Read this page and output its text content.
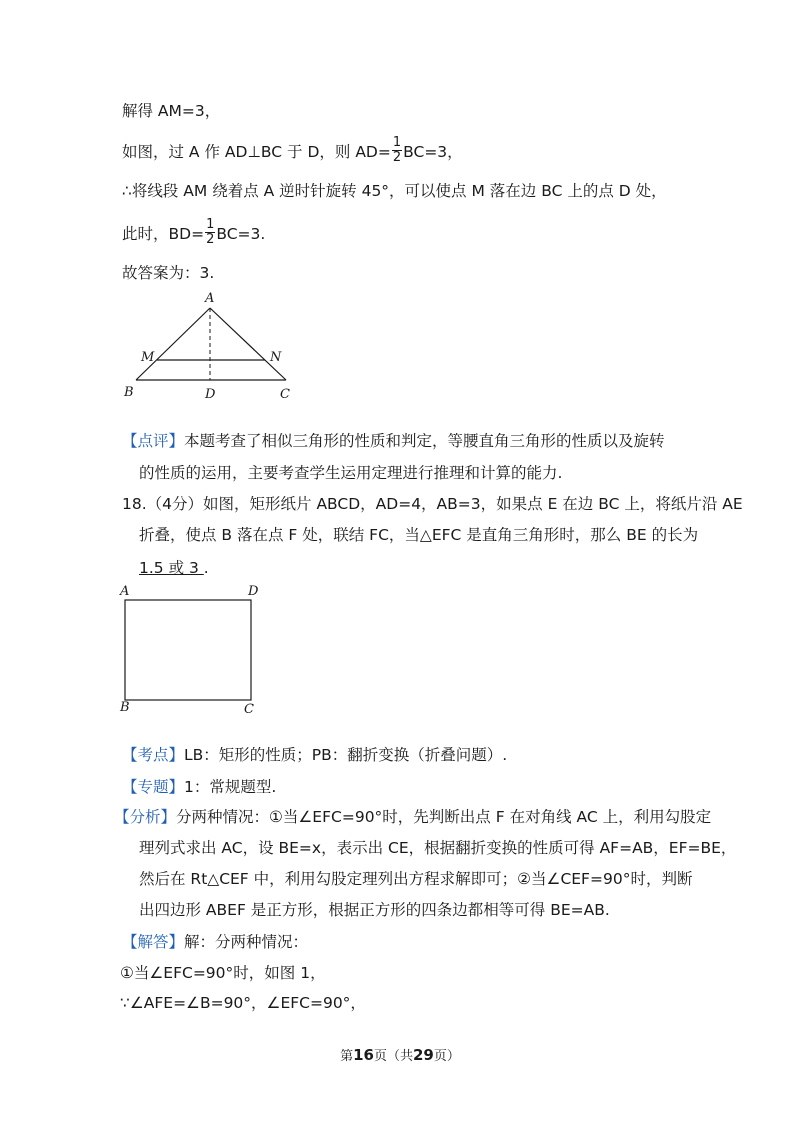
解得 AM=3，
如图，过 A 作 AD⊥BC 于 D，则 $AD= \frac{1}{2} BC=3$，
∴将线段 AM 绕着点 A 逆时针旋转 45°，可以使点 M 落在边 BC 上的点 D 处，
此时，$BD= \frac{1}{2} BC=3$.
故答案为：3.
A
M	N
B	D	C
【点评】本题考查了相似三角形的性质和判定，等腰直角三角形的性质以及旋转
的性质的运用，主要考查学生运用定理进行推理和计算的能力.
18.（4分）如图，矩形纸片 ABCD，AD=4，AB=3，如果点 E 在边 BC 上，将纸片沿 AE
折叠，使点 B 落在点 F 处，联结 FC，当△EFC 是直角三角形时，那么 BE 的长为
1.5 或 3 .
A	D
B	C
【考点】LB：矩形的性质；PB：翻折变换（折叠问题）.
【专题】1：常规题型.
【分析】分两种情况：①当∠EFC=90°时，先判断出点 F 在对角线 AC 上，利用勾股定
理列式求出 AC，设 BE=x，表示出 CE，根据翻折变换的性质可得 AF=AB，EF=BE，
然后在 Rt△CEF 中，利用勾股定理列出方程求解即可；②当∠CEF=90°时，判断
出四边形 ABEF 是正方形，根据正方形的四条边都相等可得 BE=AB.
【解答】解：分两种情况：
①当∠EFC=90°时，如图 1，
∵∠AFE=∠B=90°，∠EFC=90°，
第16页（共29页）
